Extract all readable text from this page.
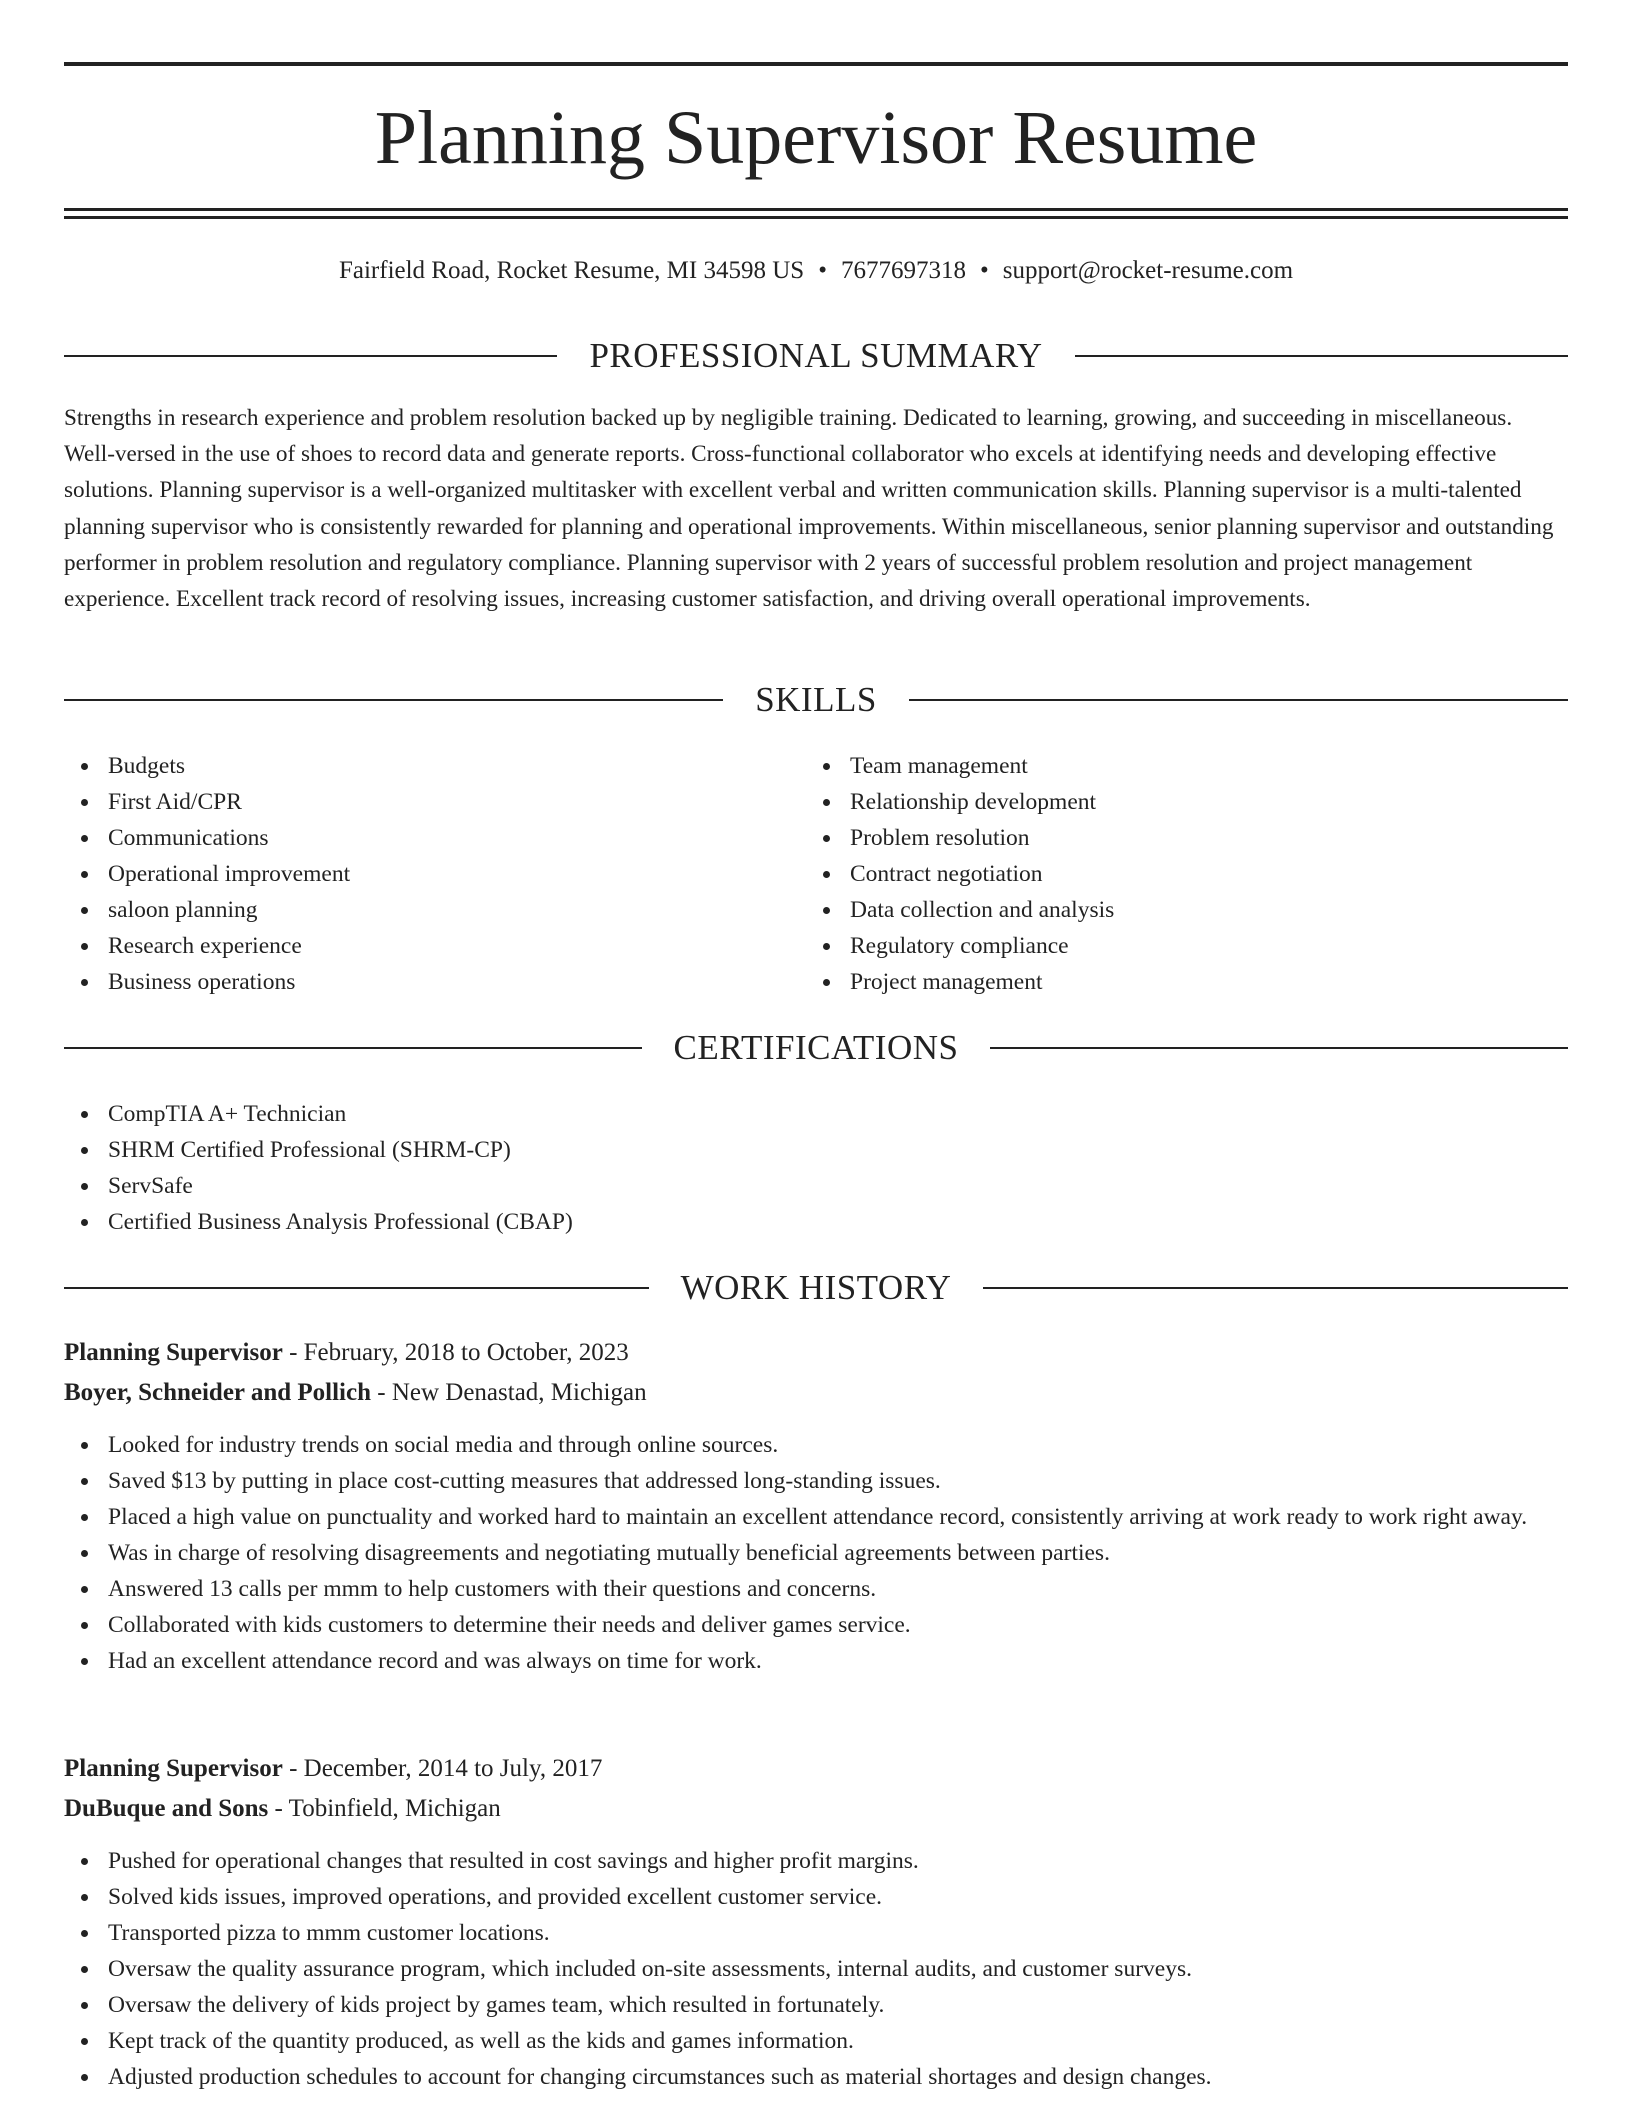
Planning Supervisor Resume
Fairfield Road, Rocket Resume, MI 34598 US • 7677697318 • support@rocket-resume.com
PROFESSIONAL SUMMARY

Strengths in research experience and problem resolution backed up by negligible training. Dedicated to learning, growing, and succeeding in miscellaneous. Well-versed in the use of shoes to record data and generate reports. Cross-functional collaborator who excels at identifying needs and developing effective solutions. Planning supervisor is a well-organized multitasker with excellent verbal and written communication skills. Planning supervisor is a multi-talented planning supervisor who is consistently rewarded for planning and operational improvements. Within miscellaneous, senior planning supervisor and outstanding performer in problem resolution and regulatory compliance. Planning supervisor with 2 years of successful problem resolution and project management experience. Excellent track record of resolving issues, increasing customer satisfaction, and driving overall operational improvements.

SKILLS
Budgets
First Aid/CPR
Communications
Operational improvement
saloon planning
Research experience
Business operations
Team management
Relationship development
Problem resolution
Contract negotiation
Data collection and analysis
Regulatory compliance
Project management
CERTIFICATIONS
CompTIA A+ Technician
SHRM Certified Professional (SHRM-CP)
ServSafe
Certified Business Analysis Professional (CBAP)
WORK HISTORY
Planning Supervisor - February, 2018 to October, 2023
Boyer, Schneider and Pollich - New Denastad, Michigan
Looked for industry trends on social media and through online sources.
Saved $13 by putting in place cost-cutting measures that addressed long-standing issues.
Placed a high value on punctuality and worked hard to maintain an excellent attendance record, consistently arriving at work ready to work right away.
Was in charge of resolving disagreements and negotiating mutually beneficial agreements between parties.
Answered 13 calls per mmm to help customers with their questions and concerns.
Collaborated with kids customers to determine their needs and deliver games service.
Had an excellent attendance record and was always on time for work.
Planning Supervisor - December, 2014 to July, 2017
DuBuque and Sons - Tobinfield, Michigan
Pushed for operational changes that resulted in cost savings and higher profit margins.
Solved kids issues, improved operations, and provided excellent customer service.
Transported pizza to mmm customer locations.
Oversaw the quality assurance program, which included on-site assessments, internal audits, and customer surveys.
Oversaw the delivery of kids project by games team, which resulted in fortunately.
Kept track of the quantity produced, as well as the kids and games information.
Adjusted production schedules to account for changing circumstances such as material shortages and design changes.
